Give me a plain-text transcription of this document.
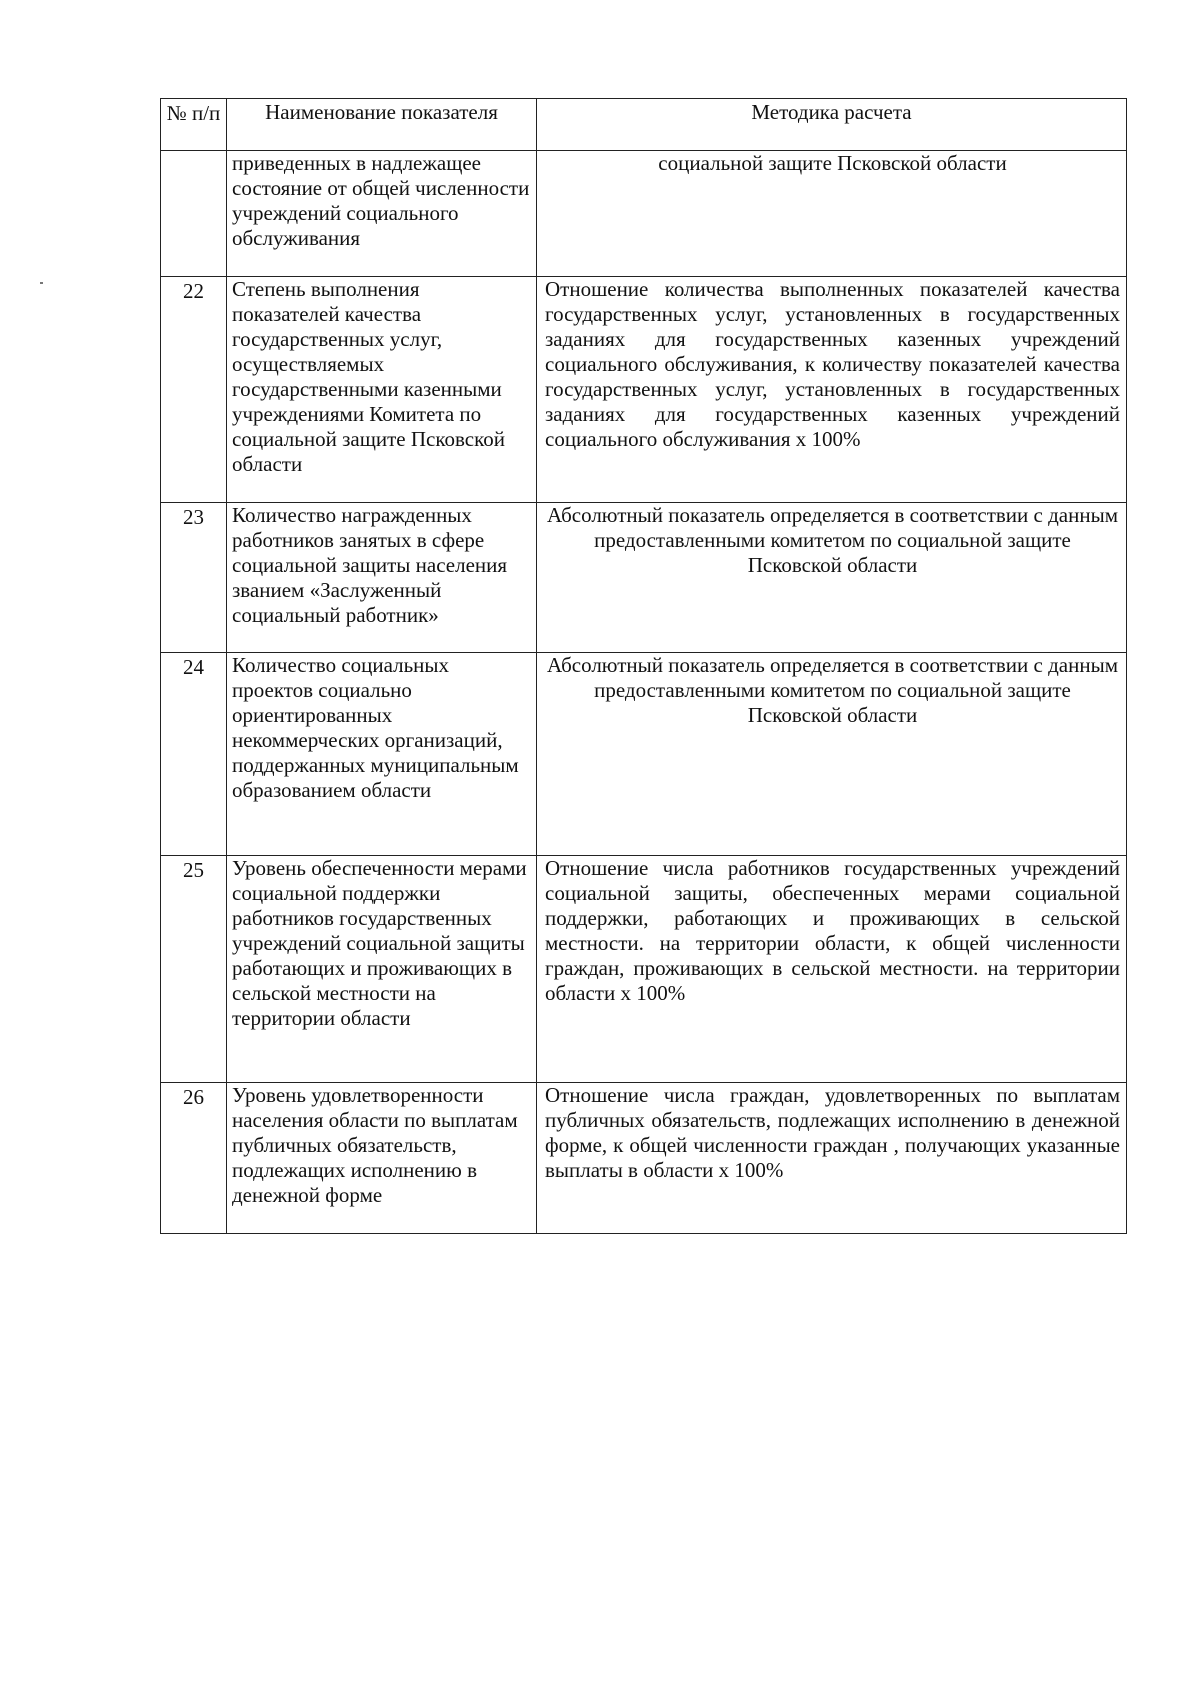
№ п/п	Наименование показателя	Методика расчета
	приведенных в надлежащее состояние от общей численности учреждений социального обслуживания	социальной защите Псковской области
22	Степень выполнения показателей качества государственных услуг, осуществляемых государственными казенными учреждениями Комитета по социальной защите Псковской области	Отношение количества выполненных показателей качества государственных услуг, установленных в государственных заданиях для государственных казенных учреждений социального обслуживания, к количеству показателей качества государственных услуг, установленных в государственных заданиях для государственных казенных учреждений социального обслуживания х 100%
23	Количество награжденных работников занятых в сфере социальной защиты населения званием «Заслуженный социальный работник»	Абсолютный показатель определяется в соответствии с данным предоставленными комитетом по социальной защите Псковской области
24	Количество социальных проектов социально ориентированных некоммерческих организаций, поддержанных муниципальным образованием области	Абсолютный показатель определяется в соответствии с данным предоставленными комитетом по социальной защите Псковской области
25	Уровень обеспеченности мерами социальной поддержки работников государственных учреждений социальной защиты работающих и проживающих в сельской местности на территории области	Отношение числа работников государственных учреждений социальной защиты, обеспеченных мерами социальной поддержки, работающих и проживающих в сельской местности. на территории области, к общей численности граждан, проживающих в сельской местности. на территории области х 100%
26	Уровень удовлетворенности населения области по выплатам публичных обязательств, подлежащих исполнению в денежной форме	Отношение числа граждан, удовлетворенных по выплатам публичных обязательств, подлежащих исполнению в денежной форме, к общей численности граждан , получающих указанные выплаты в области х 100%
